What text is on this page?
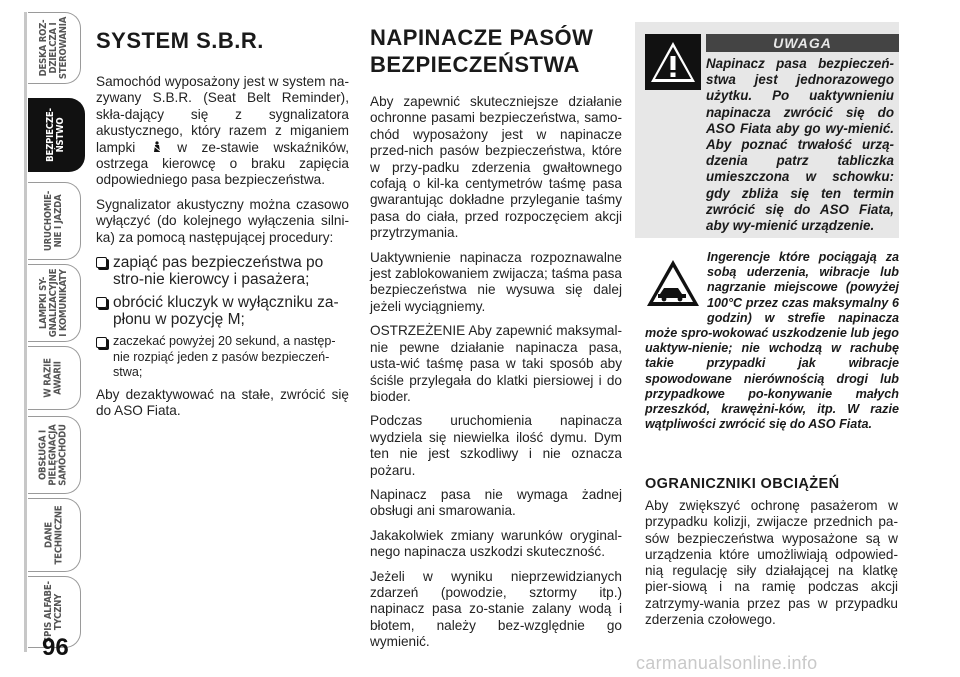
DESKA ROZ-
DZIELCZA I
STEROWANIA
BEZPIECZE-
ŃSTWO
URUCHOMIE-
NIE I JAZDA
LAMPKI SY-
GNALIZACYJNE
I KOMUNIKATY
W RAZIE
AWARII
OBSŁUGA I
PIELĘGNACJA
SAMOCHODU
DANE
TECHNICZNE
SPIS ALFABE-
TYCZNY
96
SYSTEM S.B.R.

Samochód wyposażony jest w system na-zywany S.B.R. (Seat Belt Reminder), skła-dający się z sygnalizatora akustycznego, który razem z miganiem lampki	w ze-stawie wskaźników, ostrzega kierowcę o braku zapięcia odpowiedniego pasa bezpieczeństwa.

Sygnalizator akustyczny można czasowo wyłączyć (do kolejnego wyłączenia silni-ka) za pomocą następującej procedury:

zapiąć pas bezpieczeństwa po stro-nie kierowcy i pasażera;
obrócić kluczyk w wyłączniku za-płonu w pozycję M;
zaczekać powyżej 20 sekund, a następ-nie rozpiąć jeden z pasów bezpieczeń-stwa;

Aby dezaktywować na stałe, zwrócić się do ASO Fiata.

NAPINACZE PASÓW
BEZPIECZEŃSTWA

Aby zapewnić skuteczniejsze działanie ochronne pasami bezpieczeństwa, samo-chód wyposażony jest w napinacze przed-nich pasów bezpieczeństwa, które w przy-padku zderzenia gwałtownego cofają o kil-ka centymetrów taśmę pasa gwarantując dokładne przyleganie taśmy pasa do ciała, przed rozpoczęciem akcji przytrzymania.

Uaktywnienie napinacza rozpoznawalne jest zablokowaniem zwijacza; taśma pasa bezpieczeństwa nie wysuwa się dalej jeżeli wyciągniemy.

OSTRZEŻENIE Aby zapewnić maksymal-nie pewne działanie napinacza pasa, usta-wić taśmę pasa w taki sposób aby ściśle przylegała do klatki piersiowej i do bioder.

Podczas uruchomienia napinacza wydziela się niewielka ilość dymu. Dym ten nie jest szkodliwy i nie oznacza pożaru.

Napinacz pasa nie wymaga żadnej obsługi ani smarowania.

Jakakolwiek zmiany warunków oryginal-nego napinacza uszkodzi skuteczność.

Jeżeli w wyniku nieprzewidzianych zdarzeń (powodzie, sztormy itp.) napinacz pasa zo-stanie zalany wodą i błotem, należy bez-względnie go wymienić.

UWAGA
Napinacz pasa bezpieczeń-stwa jest jednorazowego użytku. Po uaktywnieniu napinacza zwrócić się do ASO Fiata aby go wy-mienić. Aby poznać trwałość urzą-dzenia patrz tabliczka umieszczona w schowku: gdy zbliża się ten termin zwrócić się do ASO Fiata, aby wy-mienić urządzenie.
Ingerencje które pociągają za sobą uderzenia, wibracje lub nagrzanie miejscowe (powyżej 100°C przez czas maksymalny 6 godzin) w strefie napinacza może spro-wokować uszkodzenie lub jego uaktyw-nienie; nie wchodzą w rachubę takie przypadki jak wibracje spowodowane nierównością drogi lub przypadkowe po-konywanie małych przeszkód, krawężni-ków, itp. W razie wątpliwości zwrócić się do ASO Fiata.
OGRANICZNIKI OBCIĄŻEŃ
Aby zwiększyć ochronę pasażerom w przypadku kolizji, zwijacze przednich pa-sów bezpieczeństwa wyposażone są w urządzenia które umożliwiają odpowied-nią regulację siły działającej na klatkę pier-siową i na ramię podczas akcji zatrzymy-wania przez pas w przypadku zderzenia czołowego.
carmanualsonline.info
